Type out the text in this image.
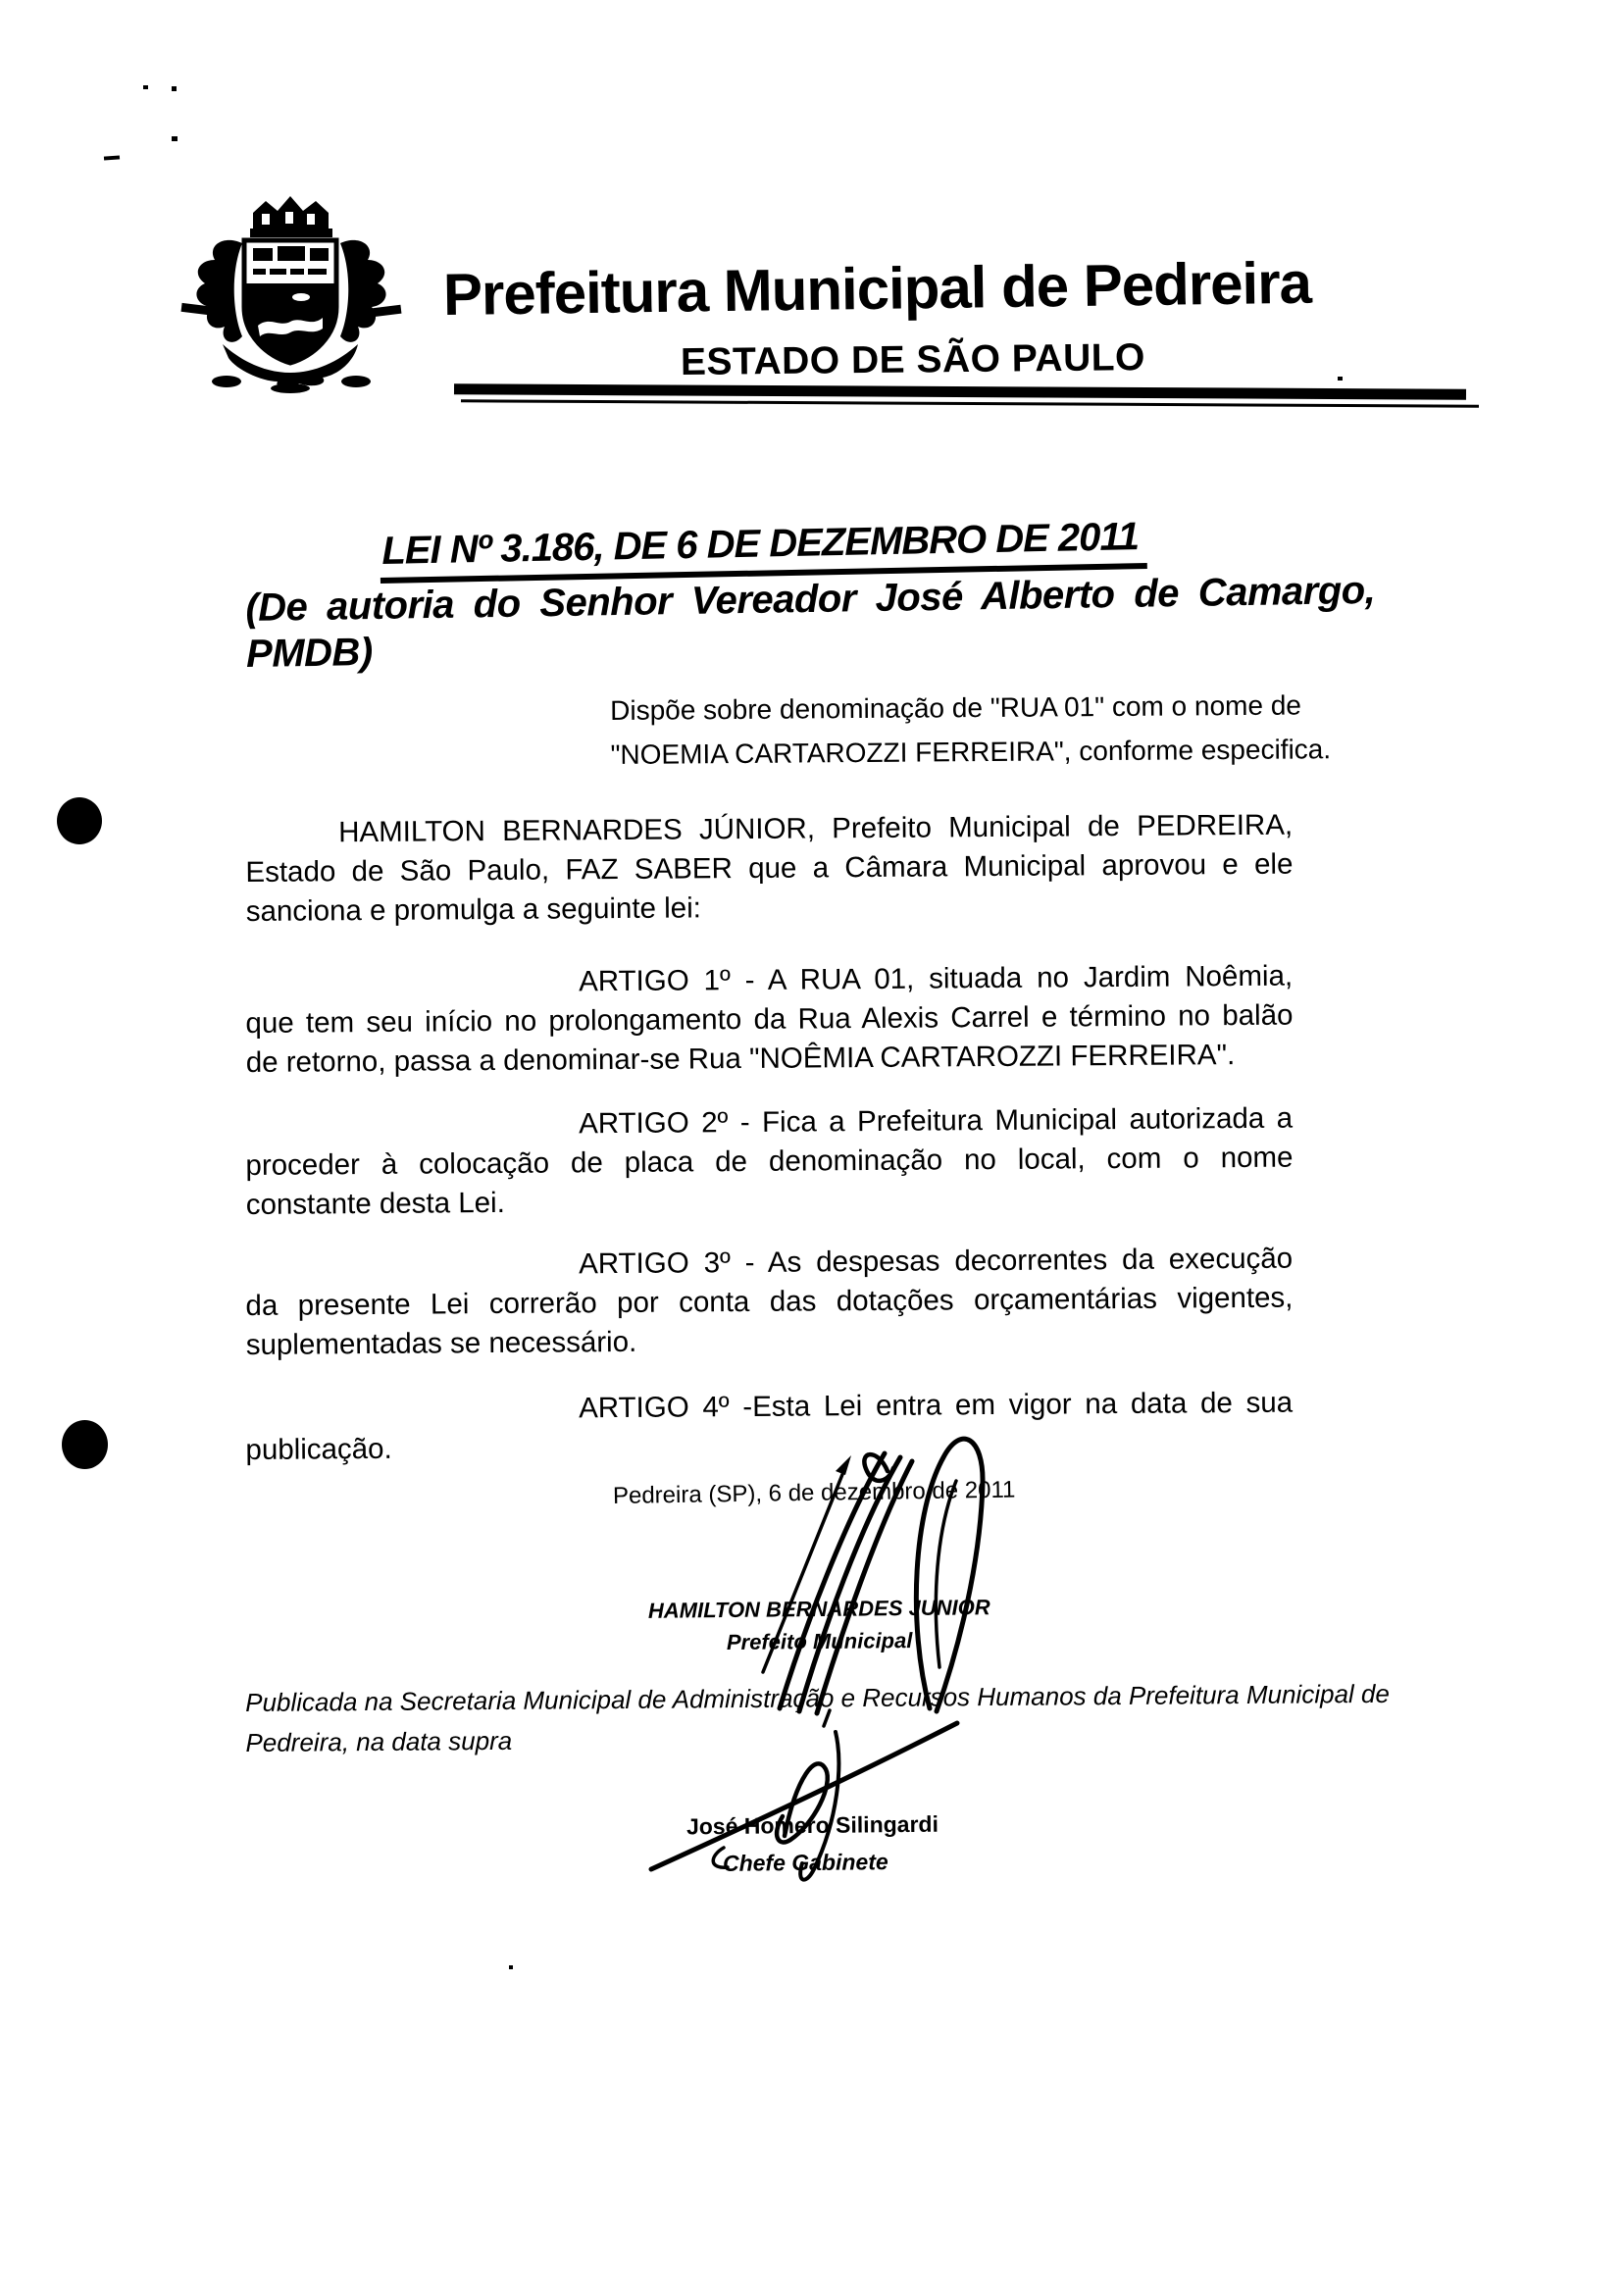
Prefeitura Municipal de Pedreira
ESTADO DE SÃO PAULO
LEI Nº 3.186, DE 6 DE DEZEMBRO DE 2011
(De autoria do Senhor Vereador José Alberto de Camargo,
PMDB)
Dispõe sobre denominação de "RUA 01" com o nome de
"NOEMIA CARTAROZZI FERREIRA", conforme especifica.
HAMILTON BERNARDES JÚNIOR, Prefeito Municipal de PEDREIRA,
Estado de São Paulo, FAZ SABER que a Câmara Municipal aprovou e ele
sanciona e promulga a seguinte lei:
ARTIGO 1º - A RUA 01, situada no Jardim Noêmia,
que tem seu início no prolongamento da Rua Alexis Carrel e término no balão
de retorno, passa a denominar-se Rua "NOÊMIA CARTAROZZI FERREIRA".
ARTIGO 2º - Fica a Prefeitura Municipal autorizada a
proceder à colocação de placa de denominação no local, com o nome
constante desta Lei.
ARTIGO 3º - As despesas decorrentes da execução
da presente Lei correrão por conta das dotações orçamentárias vigentes,
suplementadas se necessário.
ARTIGO 4º -Esta Lei entra em vigor na data de sua
publicação.
Publicada na Secretaria Municipal de Administração e Recursos Humanos da Prefeitura Municipal de
Pedreira, na data supra
Pedreira (SP), 6 de dezembro de 2011
HAMILTON BERNARDES JUNIOR
Prefeito Municipal
José Homero Silingardi
Chefe Gabinete
